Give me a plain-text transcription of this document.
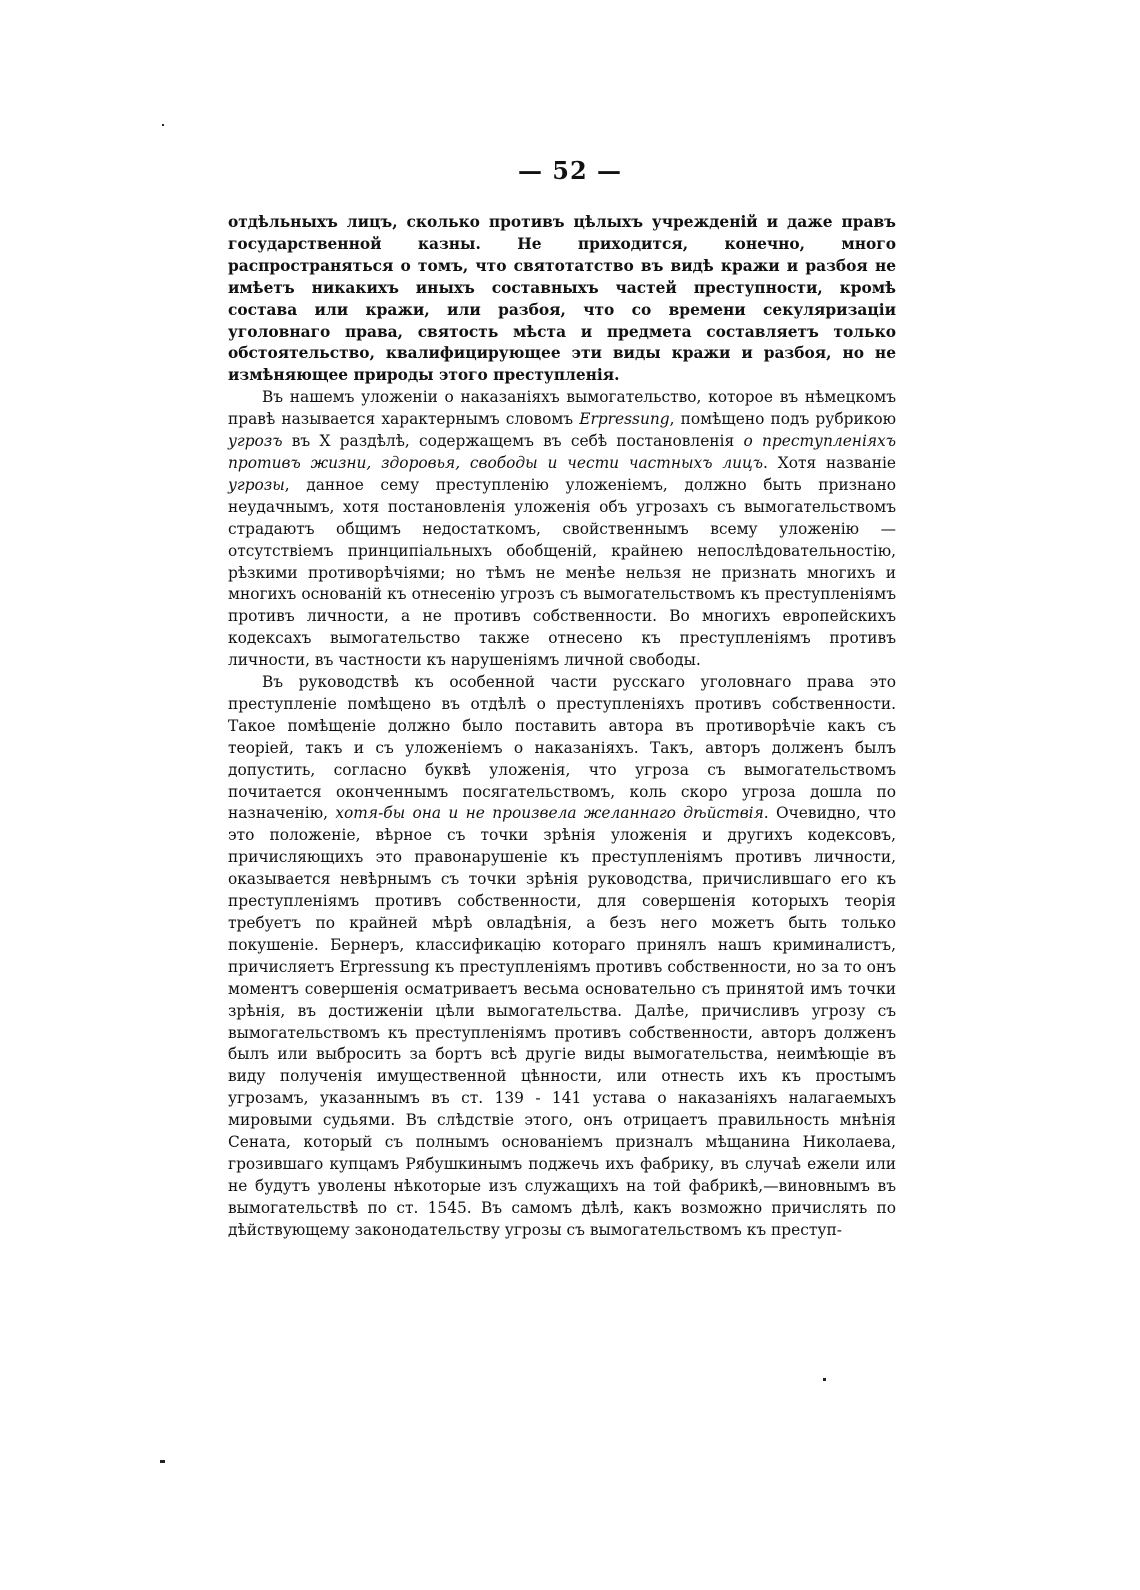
— 52 —

отдѣльныхъ лицъ, сколько противъ цѣлыхъ учрежденій и даже правъ государственной казны. Не приходится, конечно, много распространяться о томъ, что святотатство въ видѣ кражи и разбоя не имѣетъ никакихъ иныхъ составныхъ частей преступности, кромѣ состава или кражи, или разбоя, что со времени секуляризаціи уголовнаго права, святость мѣста и предмета составляетъ только обстоятельство, квалифицирующее эти виды кражи и разбоя, но не измѣняющее природы этого преступленія.

Въ нашемъ уложеніи о наказаніяхъ вымогательство, которое въ нѣмецкомъ правѣ называется характернымъ словомъ Erpressung, помѣщено подъ рубрикою угрозъ въ X раздѣлѣ, содержащемъ въ себѣ постановленія о преступленіяхъ противъ жизни, здоровья, свободы и чести частныхъ лицъ. Хотя названіе угрозы, данное сему преступленію уложеніемъ, должно быть признано неудачнымъ, хотя постановленія уложенія объ угрозахъ съ вымогательствомъ страдаютъ общимъ недостаткомъ, свойственнымъ всему уложенію — отсутствіемъ принципіальныхъ обобщеній, крайнею непослѣдовательностію, рѣзкими противорѣчіями; но тѣмъ не менѣе нельзя не признать многихъ и многихъ основаній къ отнесенію угрозъ съ вымогательствомъ къ преступленіямъ противъ личности, а не противъ собственности. Во многихъ европейскихъ кодексахъ вымогательство также отнесено къ преступленіямъ противъ личности, въ частности къ нарушеніямъ личной свободы.

Въ руководствѣ къ особенной части русскаго уголовнаго права это преступленіе помѣщено въ отдѣлѣ о преступленіяхъ противъ собственности. Такое помѣщеніе должно было поставить автора въ противорѣчіе какъ съ теоріей, такъ и съ уложеніемъ о наказаніяхъ. Такъ, авторъ долженъ былъ допустить, согласно буквѣ уложенія, что угроза съ вымогательствомъ почитается оконченнымъ посягательствомъ, коль скоро угроза дошла по назначенію, хотя-бы она и не произвела желаннаго дѣйствія. Очевидно, что это положеніе, вѣрное съ точки зрѣнія уложенія и другихъ кодексовъ, причисляющихъ это правонарушеніе къ преступленіямъ противъ личности, оказывается невѣрнымъ съ точки зрѣнія руководства, причислившаго его къ преступленіямъ противъ собственности, для совершенія которыхъ теорія требуетъ по крайней мѣрѣ овладѣнія, а безъ него можетъ быть только покушеніе. Бернеръ, классификацію котораго принялъ нашъ криминалистъ, причисляетъ Erpressung къ преступленіямъ противъ собственности, но за то онъ моментъ совершенія осматриваетъ весьма основательно съ принятой имъ точки зрѣнія, въ достиженіи цѣли вымогательства. Далѣе, причисливъ угрозу съ вымогательствомъ къ преступленіямъ противъ собственности, авторъ долженъ былъ или выбросить за бортъ всѣ другіе виды вымогательства, неимѣющіе въ виду полученія имущественной цѣнности, или отнесть ихъ къ простымъ угрозамъ, указаннымъ въ ст. 139 - 141 устава о наказаніяхъ налагаемыхъ мировыми судьями. Въ слѣдствіе этого, онъ отрицаетъ правильность мнѣнія Сената, который съ полнымъ основаніемъ призналъ мѣщанина Николаева, грозившаго купцамъ Рябушкинымъ поджечь ихъ фабрику, въ случаѣ ежели или не будутъ уволены нѣкоторые изъ служащихъ на той фабрикѣ,—виновнымъ въ вымогательствѣ по ст. 1545. Въ самомъ дѣлѣ, какъ возможно причислять по дѣйствующему законодательству угрозы съ вымогательствомъ къ преступ-
